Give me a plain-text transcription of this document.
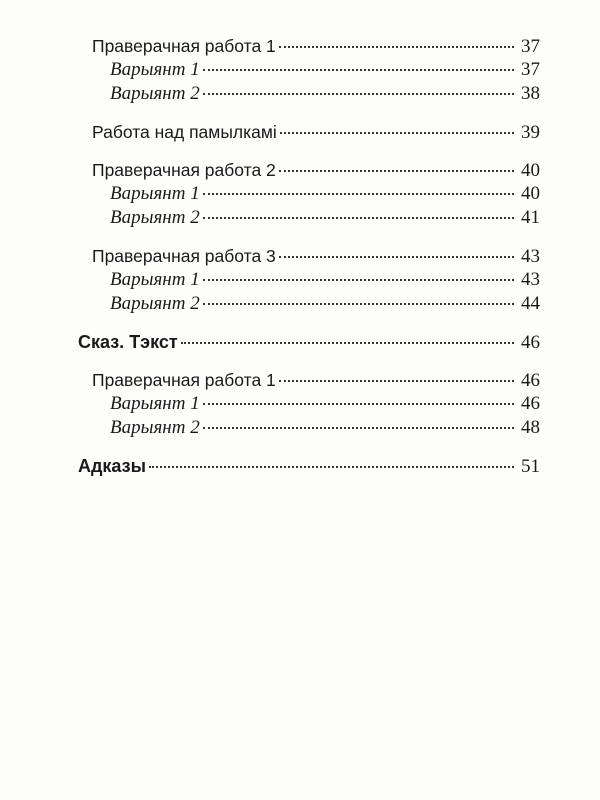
Праверачная работа 1	37
Варыянт 1	37
Варыянт 2	38
Работа над памылкамі	39
Праверачная работа 2	40
Варыянт 1	40
Варыянт 2	41
Праверачная работа 3	43
Варыянт 1	43
Варыянт 2	44
Сказ. Тэкст	46
Праверачная работа 1	46
Варыянт 1	46
Варыянт 2	48
Адказы	51
